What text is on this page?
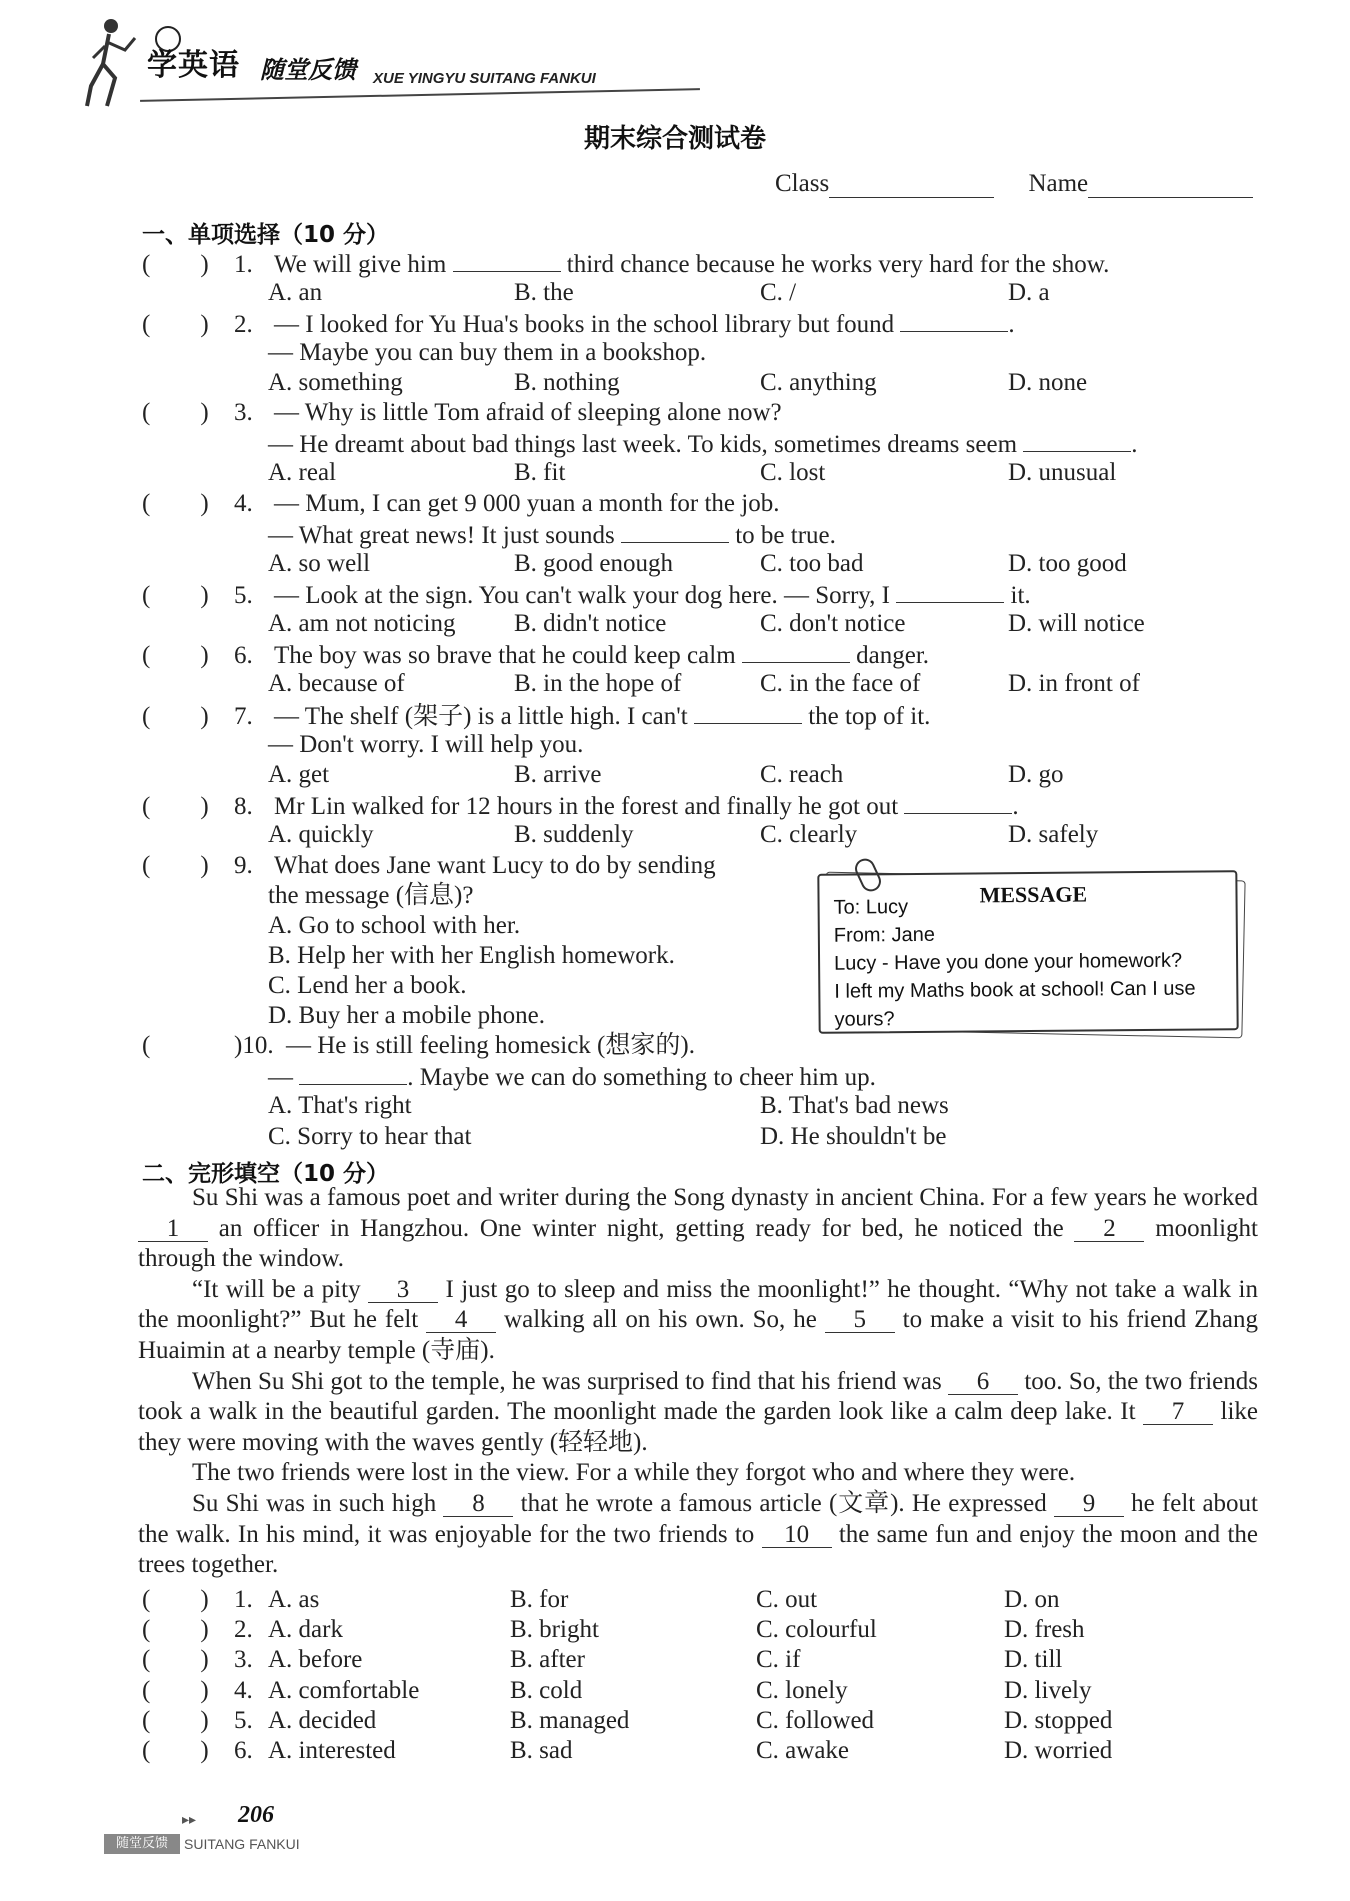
学英语 随堂反馈 XUE YINGYU SUITANG FANKUI
期末综合测试卷
Class	Name
一、单项选择（10 分）
(　　) 1. We will give him	third chance because he works very hard for the show.
A. an	B. the	C. /	D. a
(　　) 2. — I looked for Yu Hua's books in the school library but found	.
— Maybe you can buy them in a bookshop.
A. something	B. nothing	C. anything	D. none
(　　) 3. — Why is little Tom afraid of sleeping alone now?
— He dreamt about bad things last week. To kids, sometimes dreams seem	.
A. real	B. fit	C. lost	D. unusual
(　　) 4. — Mum, I can get 9 000 yuan a month for the job.
— What great news! It just sounds	to be true.
A. so well	B. good enough	C. too bad	D. too good
(　　) 5. — Look at the sign. You can't walk your dog here. — Sorry, I	it.
A. am not noticing B. didn't notice	C. don't notice	D. will notice
(　　) 6. The boy was so brave that he could keep calm	danger.
A. because of	B. in the hope of	C. in the face of	D. in front of
(　　) 7. — The shelf (架子) is a little high. I can't	the top of it.
— Don't worry. I will help you.
A. get	B. arrive	C. reach	D. go
(　　) 8. Mr Lin walked for 12 hours in the forest and finally he got out	.
A. quickly	B. suddenly	C. clearly	D. safely
(　　) 9. What does Jane want Lucy to do by sending
the message (信息)?
A. Go to school with her.
B. Help her with her English homework.
C. Lend her a book.
D. Buy her a mobile phone.
MESSAGE
To: Lucy
From: Jane
Lucy - Have you done your homework?
I left my Maths book at school! Can I use
yours?
(　　)10. — He is still feeling homesick (想家的).
—	. Maybe we can do something to cheer him up.
A. That's right	B. That's bad news
C. Sorry to hear that	D. He shouldn't be
二、完形填空（10 分）
Su Shi was a famous poet and writer during the Song dynasty in ancient China. For a few years he worked 1 an officer in Hangzhou. One winter night, getting ready for bed, he noticed the 2 moonlight through the window.
“It will be a pity 3 I just go to sleep and miss the moonlight!” he thought. “Why not take a walk in the moonlight?” But he felt 4 walking all on his own. So, he 5 to make a visit to his friend Zhang Huaimin at a nearby temple (寺庙).
When Su Shi got to the temple, he was surprised to find that his friend was 6 too. So, the two friends took a walk in the beautiful garden. The moonlight made the garden look like a calm deep lake. It 7 like they were moving with the waves gently (轻轻地).
The two friends were lost in the view. For a while they forgot who and where they were.
Su Shi was in such high 8 that he wrote a famous article (文章). He expressed 9 he felt about the walk. In his mind, it was enjoyable for the two friends to 10 the same fun and enjoy the moon and the trees together.
(　　) 1. A. as	B. for	C. out	D. on
(　　) 2. A. dark	B. bright	C. colourful	D. fresh
(　　) 3. A. before	B. after	C. if	D. till
(　　) 4. A. comfortable	B. cold	C. lonely	D. lively
(　　) 5. A. decided	B. managed	C. followed	D. stopped
(　　) 6. A. interested	B. sad	C. awake	D. worried
▸▸ 206
随堂反馈	SUITANG FANKUI
